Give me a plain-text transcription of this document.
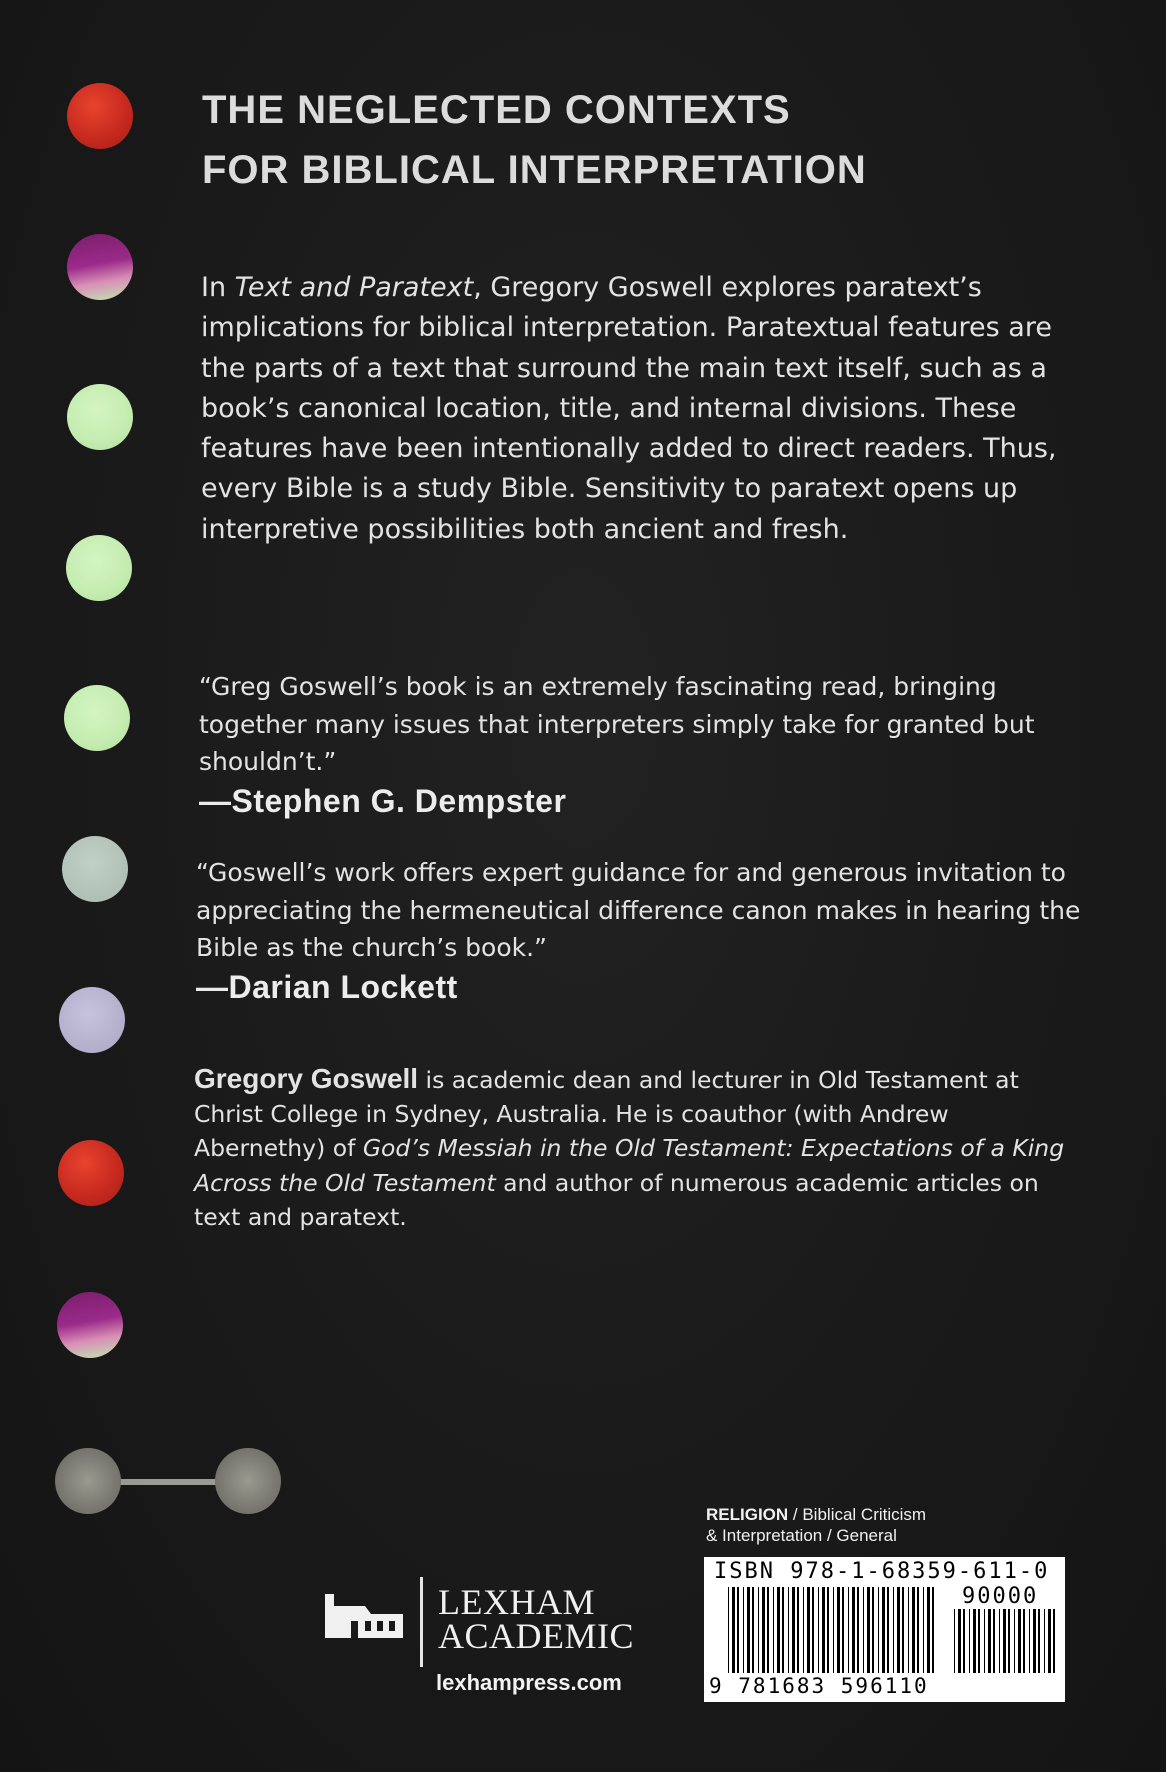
THE NEGLECTED CONTEXTS
FOR BIBLICAL INTERPRETATION
In Text and Paratext, Gregory Goswell explores paratext’s implications for biblical interpretation. Paratextual features are the parts of a text that surround the main text itself, such as a book’s canonical location, title, and internal divisions. These features have been intentionally added to direct readers. Thus, every Bible is a study Bible. Sensitivity to paratext opens up interpretive possibilities both ancient and fresh.
“Greg Goswell’s book is an extremely fascinating read, bringing together many issues that interpreters simply take for granted but shouldn’t.”
—Stephen G. Dempster
“Goswell’s work offers expert guidance for and generous invitation to appreciating the hermeneutical difference canon makes in hearing the Bible as the church’s book.”
—Darian Lockett
Gregory Goswell is academic dean and lecturer in Old Testament at Christ College in Sydney, Australia. He is coauthor (with Andrew Abernethy) of God’s Messiah in the Old Testament: Expectations of a King Across the Old Testament and author of numerous academic articles on text and paratext.
RELIGION / Biblical Criticism
& Interpretation / General
ISBN 978-1-68359-611-0
90000
9 781683 596110
LEXHAM
ACADEMIC
lexhampress.com
